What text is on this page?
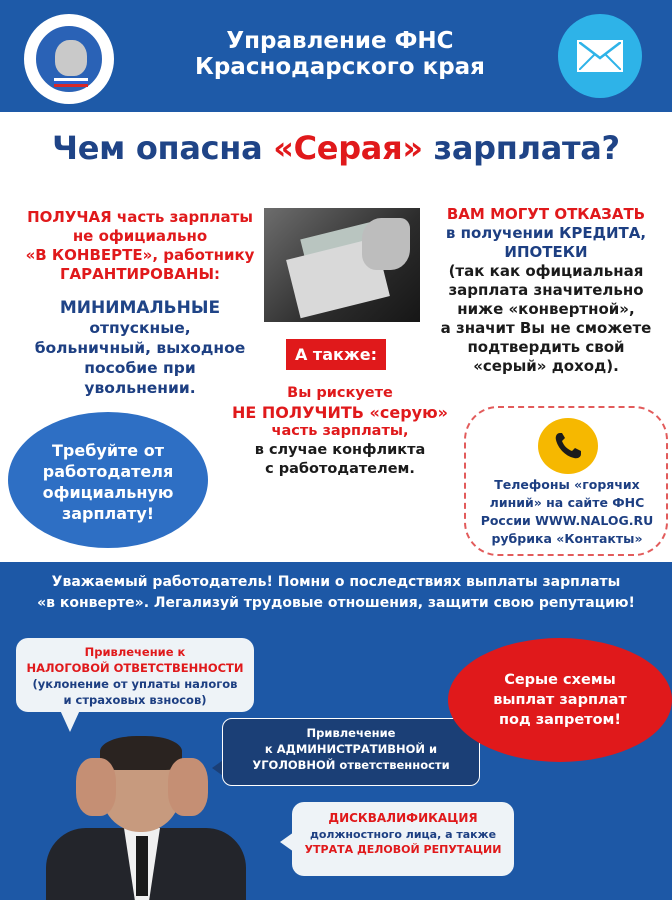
Управление ФНС
Краснодарского края
Чем опасна «Серая» зарплата?
ПОЛУЧАЯ часть зарплаты
не официально
«В КОНВЕРТЕ», работнику
ГАРАНТИРОВАНЫ:
МИНИМАЛЬНЫЕ
отпускные,
больничный, выходное
пособие при
увольнении.
А также:
Вы рискуете
НЕ ПОЛУЧИТЬ «серую»
часть зарплаты,
в случае конфликта
с работодателем.
ВАМ МОГУТ ОТКАЗАТЬ
в получении КРЕДИТА,
ИПОТЕКИ
(так как официальная
зарплата значительно
ниже «конвертной»,
а значит Вы не сможете
подтвердить свой
«серый» доход).
Требуйте от
работодателя
официальную
зарплату!
Телефоны «горячих
линий» на сайте ФНС
России WWW.NALOG.RU
рубрика «Контакты»
Уважаемый работодатель! Помни о последствиях выплаты зарплаты
«в конверте». Легализуй трудовые отношения, защити свою репутацию!
Привлечение к
НАЛОГОВОЙ ОТВЕТСТВЕННОСТИ
(уклонение от уплаты налогов
и страховых взносов)
Привлечение
к АДМИНИСТРАТИВНОЙ и
УГОЛОВНОЙ ответственности
Серые схемы
выплат зарплат
под запретом!
ДИСКВАЛИФИКАЦИЯ
должностного лица, а также
УТРАТА ДЕЛОВОЙ РЕПУТАЦИИ
